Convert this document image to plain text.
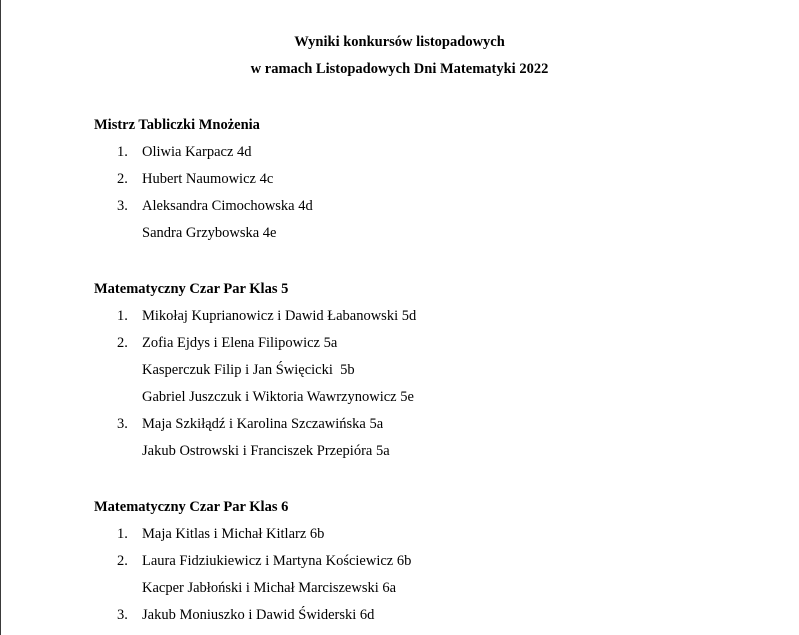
Wyniki konkursów listopadowych
w ramach Listopadowych Dni Matematyki 2022
Mistrz Tabliczki Mnożenia
1. Oliwia Karpacz 4d
2. Hubert Naumowicz 4c
3. Aleksandra Cimochowska 4d
Sandra Grzybowska 4e
Matematyczny Czar Par Klas 5
1. Mikołaj Kuprianowicz i Dawid Łabanowski 5d
2. Zofia Ejdys i Elena Filipowicz 5a
Kasperczuk Filip i Jan Święcicki  5b
Gabriel Juszczuk i Wiktoria Wawrzynowicz 5e
3. Maja Szkiłądź i Karolina Szczawińska 5a
Jakub Ostrowski i Franciszek Przepióra 5a
Matematyczny Czar Par Klas 6
1. Maja Kitlas i Michał Kitlarz 6b
2. Laura Fidziukiewicz i Martyna Kościewicz 6b
Kacper Jabłoński i Michał Marciszewski 6a
3. Jakub Moniuszko i Dawid Świderski 6d
